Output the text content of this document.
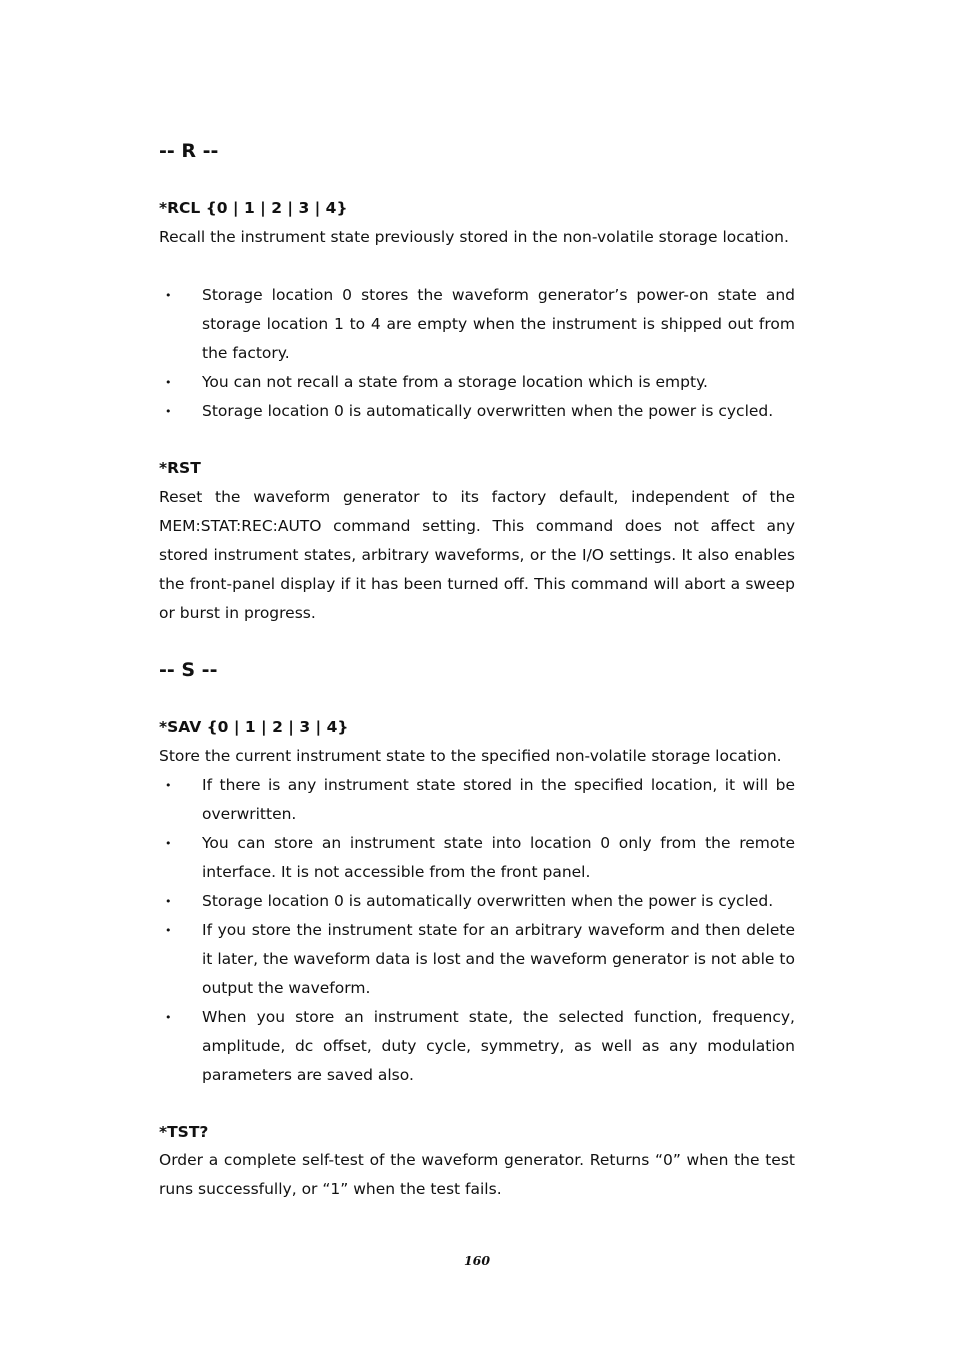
-- R --
*RCL {0 | 1 | 2 | 3 | 4}

Recall the instrument state previously stored in the non-volatile storage location.

• Storage location 0 stores the waveform generator’s power-on state and storage location 1 to 4 are empty when the instrument is shipped out from the factory.
• You can not recall a state from a storage location which is empty.
• Storage location 0 is automatically overwritten when the power is cycled.
*RST

Reset the waveform generator to its factory default, independent of the MEM:STAT:REC:AUTO command setting. This command does not affect any stored instrument states, arbitrary waveforms, or the I/O settings. It also enables the front-panel display if it has been turned off. This command will abort a sweep or burst in progress.

-- S --
*SAV {0 | 1 | 2 | 3 | 4}

Store the current instrument state to the specified non-volatile storage location.

• If there is any instrument state stored in the specified location, it will be overwritten.
• You can store an instrument state into location 0 only from the remote interface. It is not accessible from the front panel.
• Storage location 0 is automatically overwritten when the power is cycled.
• If you store the instrument state for an arbitrary waveform and then delete it later, the waveform data is lost and the waveform generator is not able to output the waveform.
• When you store an instrument state, the selected function, frequency, amplitude, dc offset, duty cycle, symmetry, as well as any modulation parameters are saved also.
*TST?

Order a complete self-test of the waveform generator. Returns “0” when the test runs successfully, or “1” when the test fails.

160
